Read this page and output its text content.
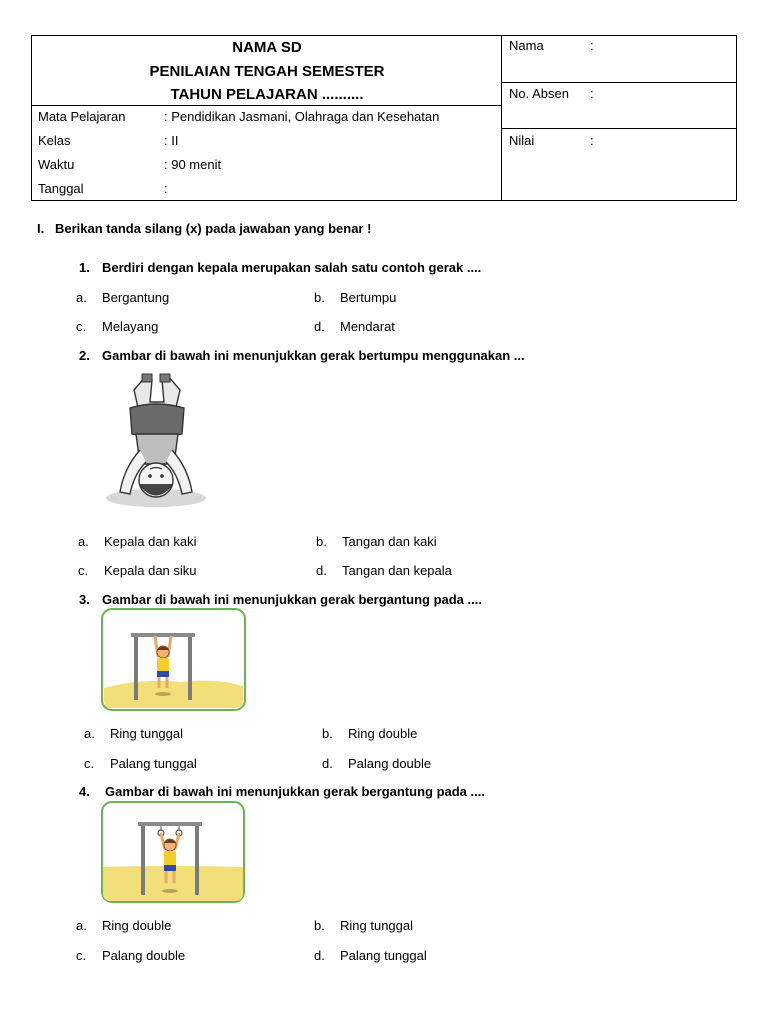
NAMA SD
PENILAIAN TENGAH SEMESTER
TAHUN PELAJARAN ..........
Mata Pelajaran	: Pendidikan Jasmani, Olahraga dan Kesehatan
Kelas	: II
Waktu	: 90 menit
Tanggal	:
Nama	:
No. Absen :
Nilai	:
I. Berikan tanda silang (x) pada jawaban yang benar !
1. Berdiri dengan kepala merupakan salah satu contoh gerak ....
a. Bergantung	b. Bertumpu
c. Melayang	d. Mendarat
2. Gambar di bawah ini menunjukkan gerak bertumpu menggunakan ...
a. Kepala dan kaki	b. Tangan dan kaki
c. Kepala dan siku	d. Tangan dan kepala
3. Gambar di bawah ini menunjukkan gerak bergantung pada ....
a. Ring tunggal	b. Ring double
c. Palang tunggal	d. Palang double
4. Gambar di bawah ini menunjukkan gerak bergantung pada ....
a. Ring double	b. Ring tunggal
c. Palang double	d. Palang tunggal
